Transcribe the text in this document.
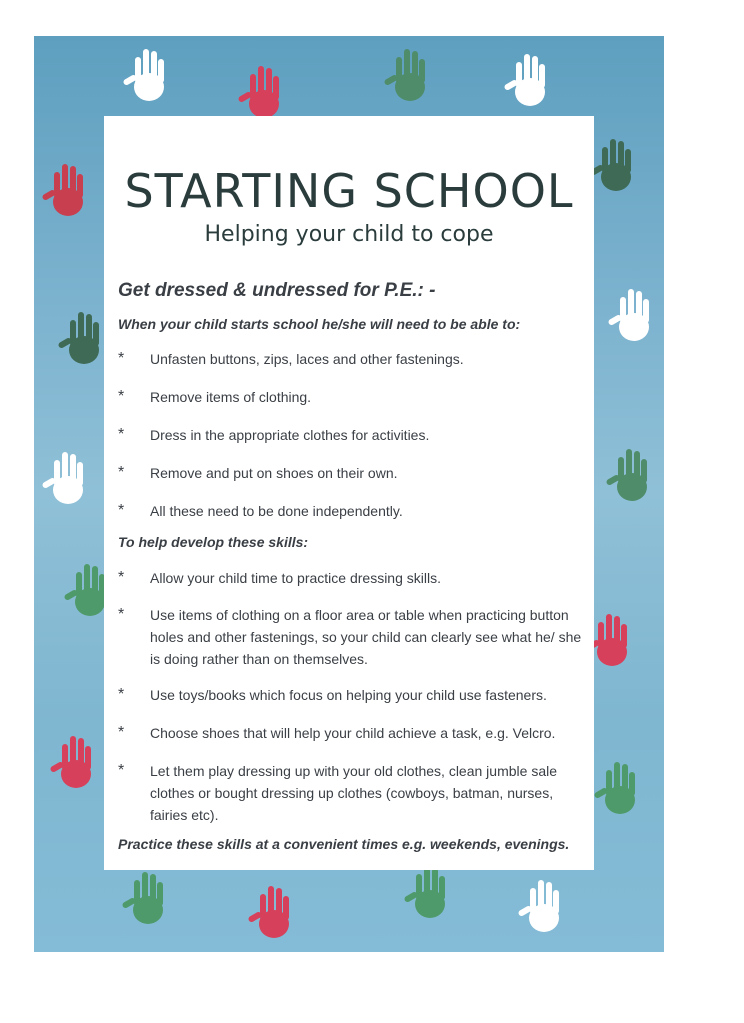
STARTING SCHOOL
Helping your child to cope
Get dressed & undressed for P.E.: -
When your child starts school he/she will need to be able to:
* Unfasten buttons, zips, laces and other fastenings.
* Remove items of clothing.
* Dress in the appropriate clothes for activities.
* Remove and put on shoes on their own.
* All these need to be done independently.
To help develop these skills:
* Allow your child time to practice dressing skills.
* Use items of clothing on a floor area or table when practicing button holes and other fastenings, so your child can clearly see what he/ she is doing rather than on themselves.
* Use toys/books which focus on helping your child use fasteners.
* Choose shoes that will help your child achieve a task, e.g. Velcro.
* Let them play dressing up with your old clothes, clean jumble sale clothes or bought dressing up clothes (cowboys, batman, nurses, fairies etc).
Practice these skills at a convenient times e.g. weekends, evenings.
